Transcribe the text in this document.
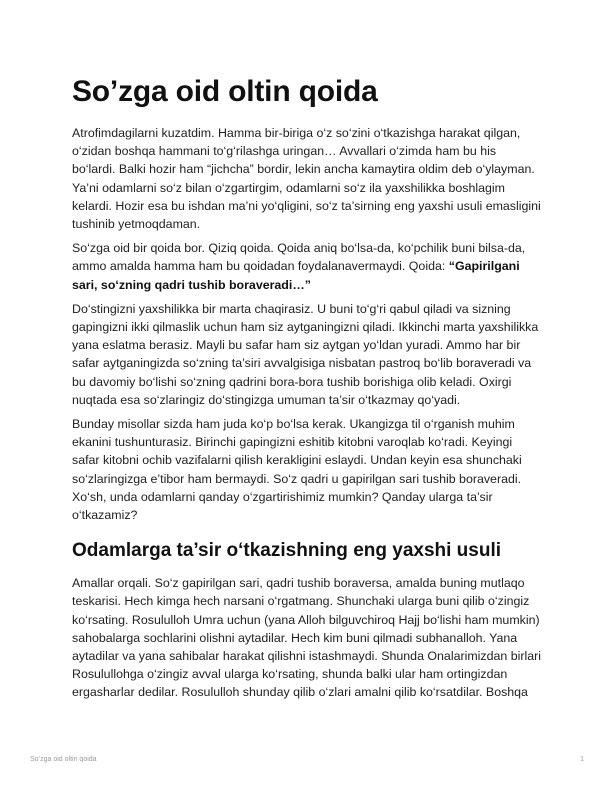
So’zga oid oltin qoida

Atrofimdagilarni kuzatdim. Hamma bir-biriga o‘z so‘zini o‘tkazishga harakat qilgan, o‘zidan boshqa hammani to‘g‘rilashga uringan… Avvallari o‘zimda ham bu his bo‘lardi. Balki hozir ham “jichcha” bordir, lekin ancha kamaytira oldim deb o‘ylayman. Ya’ni odamlarni so‘z bilan o‘zgartirgim, odamlarni so‘z ila yaxshilikka boshlagim kelardi. Hozir esa bu ishdan ma’ni yo‘qligini, so‘z ta’sirning eng yaxshi usuli emasligini tushinib yetmoqdaman.

So‘zga oid bir qoida bor. Qiziq qoida. Qoida aniq bo‘lsa-da, ko‘pchilik buni bilsa-da, ammo amalda hamma ham bu qoidadan foydalanavermaydi. Qoida: “Gapirilgani sari, so‘zning qadri tushib boraveradi…”

Do‘stingizni yaxshilikka bir marta chaqirasiz. U buni to‘g‘ri qabul qiladi va sizning gapingizni ikki qilmaslik uchun ham siz aytganingizni qiladi. Ikkinchi marta yaxshilikka yana eslatma berasiz. Mayli bu safar ham siz aytgan yo‘ldan yuradi. Ammo har bir safar aytganingizda so‘zning ta’siri avvalgisiga nisbatan pastroq bo‘lib boraveradi va bu davomiy bo‘lishi so‘zning qadrini bora-bora tushib borishiga olib keladi. Oxirgi nuqtada esa so‘zlaringiz do‘stingizga umuman ta’sir o‘tkazmay qo‘yadi.

Bunday misollar sizda ham juda ko‘p bo‘lsa kerak. Ukangizga til o‘rganish muhim ekanini tushunturasiz. Birinchi gapingizni eshitib kitobni varoqlab ko‘radi. Keyingi safar kitobni ochib vazifalarni qilish kerakligini eslaydi. Undan keyin esa shunchaki so‘zlaringizga e’tibor ham bermaydi. So‘z qadri u gapirilgan sari tushib boraveradi. Xo‘sh, unda odamlarni qanday o‘zgartirishimiz mumkin? Qanday ularga ta’sir o‘tkazamiz?

Odamlarga ta’sir o‘tkazishning eng yaxshi usuli

Amallar orqali. So‘z gapirilgan sari, qadri tushib boraversa, amalda buning mutlaqo teskarisi. Hech kimga hech narsani o‘rgatmang. Shunchaki ularga buni qilib o‘zingiz ko‘rsating. Rosululloh Umra uchun (yana Alloh bilguvchiroq Hajj bo‘lishi ham mumkin) sahobalarga sochlarini olishni aytadilar. Hech kim buni qilmadi subhanalloh. Yana aytadilar va yana sahibalar harakat qilishni istashmaydi. Shunda Onalarimizdan birlari Rosulullohga o‘zingiz avval ularga ko‘rsating, shunda balki ular ham ortingizdan ergasharlar dedilar. Rosululloh shunday qilib o‘zlari amalni qilib ko‘rsatdilar. Boshqa

So‘zga oid oltin qoida	1
